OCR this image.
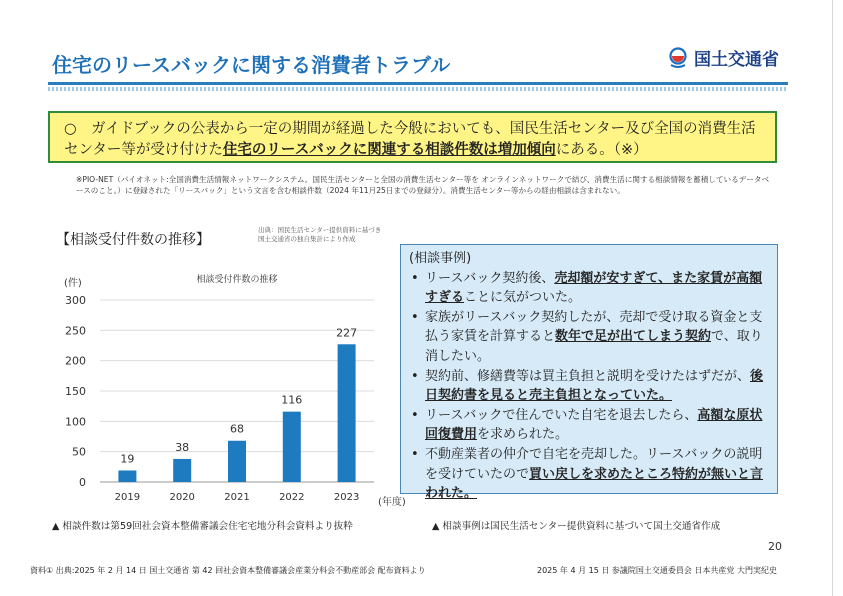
住宅のリースバックに関する消費者トラブル	国土交通省
○　ガイドブックの公表から一定の期間が経過した今般においても、国民生活センター及び全国の消費生活センター等が受け付けた住宅のリースバックに関連する相談件数は増加傾向にある。（※）
※PIO-NET（パイオネット:全国消費生活情報ネットワークシステム。国民生活センターと全国の消費生活センター等を オンラインネットワークで結び、消費生活に関する相談情報を蓄積しているデータベースのこと。）に登録された「リースバック」という文言を含む相談件数（2024 年11月25日までの登録分）。消費生活センター等からの経由相談は含まれない。
【相談受付件数の推移】
出典：国民生活センター提供資料に基づき
国土交通省の独自集計により作成
相談受付件数の推移
(件)
0
50
100
150
200
250
300
19
2019
38
2020
68
2021
116
2022
227
2023 (年度)
(相談事例)
• リースバック契約後、売却額が安すぎて、また家賃が高額すぎることに気がついた。
• 家族がリースバック契約したが、売却で受け取る資金と支払う家賃を計算すると数年で足が出てしまう契約で、取り消したい。
• 契約前、修繕費等は買主負担と説明を受けたはずだが、後日契約書を見ると売主負担となっていた。
• リースバックで住んでいた自宅を退去したら、高額な原状回復費用を求められた。
• 不動産業者の仲介で自宅を売却した。リースバックの説明を受けていたので買い戻しを求めたところ特約が無いと言われた。
▲ 相談件数は第59回社会資本整備審議会住宅宅地分科会資料より抜粋	▲ 相談事例は国民生活センター提供資料に基づいて国土交通省作成
20
資料① 出典:2025 年 2 月 14 日 国土交通省 第 42 回社会資本整備審議会産業分科会不動産部会 配布資料より	2025 年 4 月 15 日 参議院国土交通委員会 日本共産党 大門実紀史
